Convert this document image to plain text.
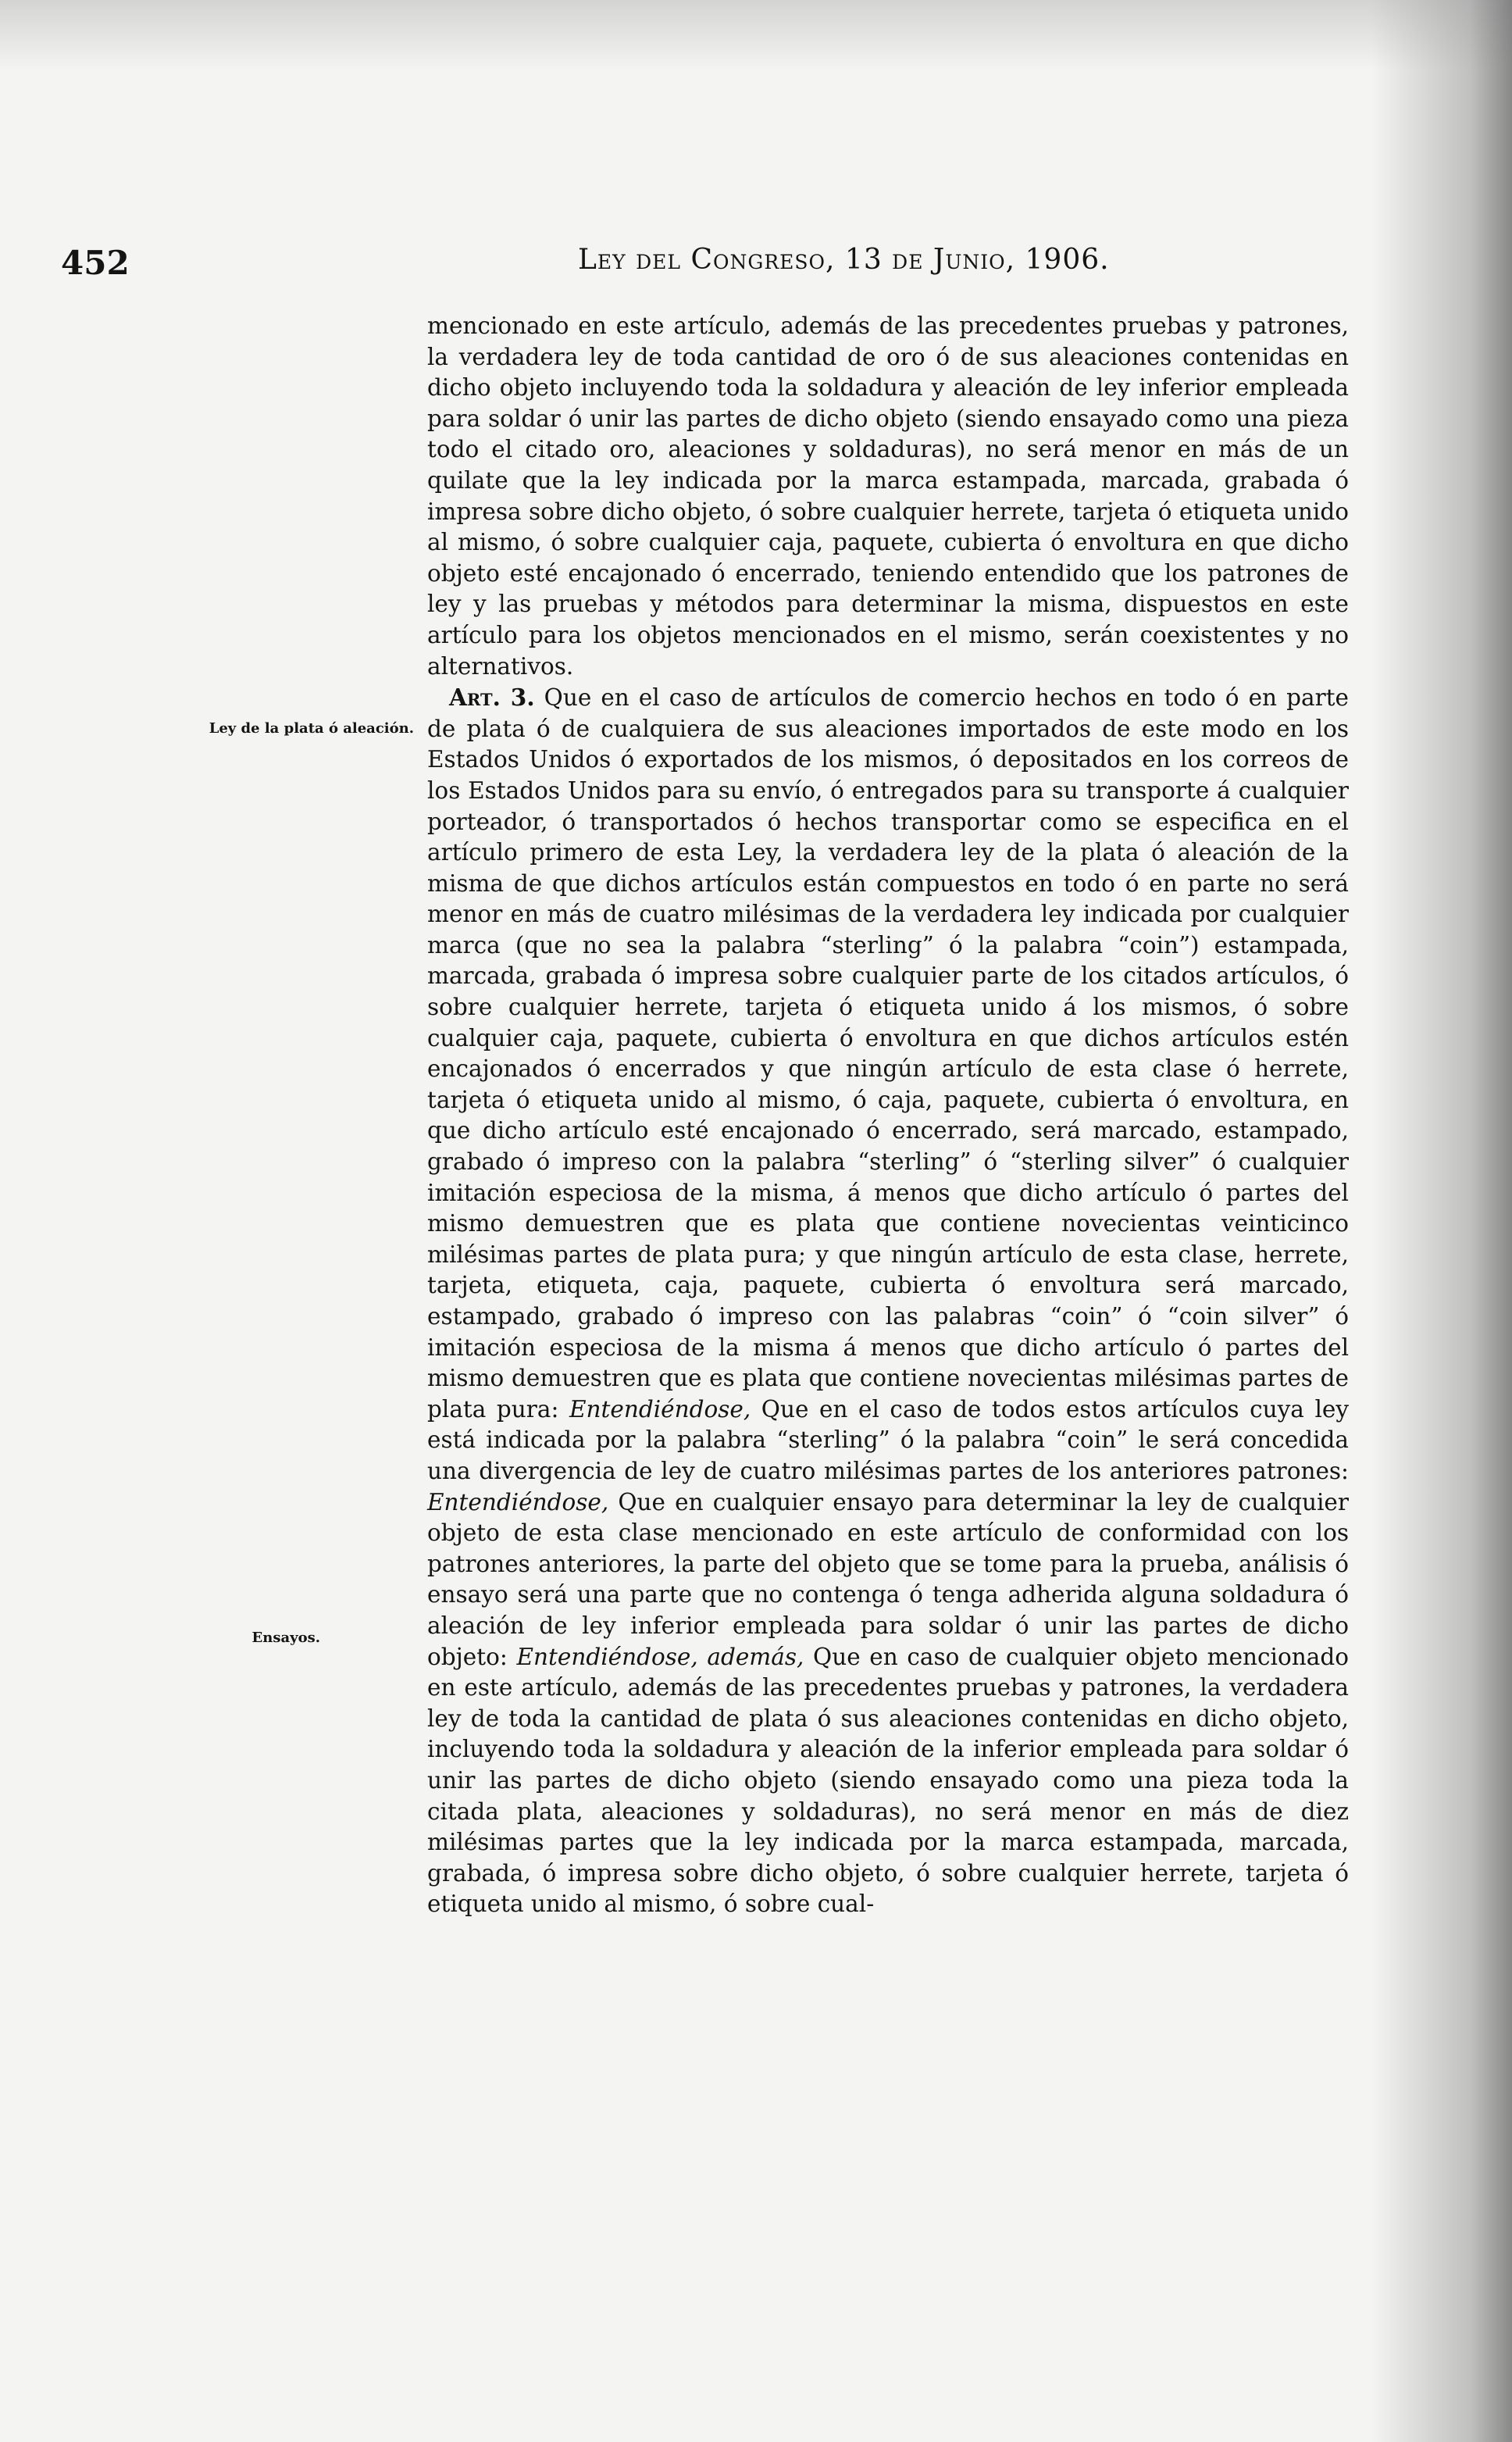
452	Ley del Congreso, 13 de Junio, 1906.
Ley de la plata ó aleación.
Ensayos.

mencionado en este artículo, además de las precedentes pruebas y patrones, la verdadera ley de toda cantidad de oro ó de sus aleaciones contenidas en dicho objeto incluyendo toda la soldadura y aleación de ley inferior empleada para soldar ó unir las partes de dicho objeto (siendo ensayado como una pieza todo el citado oro, aleaciones y soldaduras), no será menor en más de un quilate que la ley indicada por la marca estampada, marcada, grabada ó impresa sobre dicho objeto, ó sobre cualquier herrete, tarjeta ó etiqueta unido al mismo, ó sobre cualquier caja, paquete, cubierta ó envoltura en que dicho objeto esté encajonado ó encerrado, teniendo entendido que los patrones de ley y las pruebas y métodos para determinar la misma, dispuestos en este artículo para los objetos mencionados en el mismo, serán coexistentes y no alternativos.

Art. 3. Que en el caso de artículos de comercio hechos en todo ó en parte de plata ó de cualquiera de sus aleaciones importados de este modo en los Estados Unidos ó exportados de los mismos, ó depositados en los correos de los Estados Unidos para su envío, ó entregados para su transporte á cualquier porteador, ó transportados ó hechos transportar como se especifica en el artículo primero de esta Ley, la verdadera ley de la plata ó aleación de la misma de que dichos artículos están compuestos en todo ó en parte no será menor en más de cuatro milésimas de la verdadera ley indicada por cualquier marca (que no sea la palabra “sterling” ó la palabra “coin”) estampada, marcada, grabada ó impresa sobre cualquier parte de los citados artículos, ó sobre cualquier herrete, tarjeta ó etiqueta unido á los mismos, ó sobre cualquier caja, paquete, cubierta ó envoltura en que dichos artículos estén encajonados ó encerrados y que ningún artículo de esta clase ó herrete, tarjeta ó etiqueta unido al mismo, ó caja, paquete, cubierta ó envoltura, en que dicho artículo esté encajonado ó encerrado, será marcado, estampado, grabado ó impreso con la palabra “sterling” ó “sterling silver” ó cualquier imitación especiosa de la misma, á menos que dicho artículo ó partes del mismo demuestren que es plata que contiene novecientas veinticinco milésimas partes de plata pura; y que ningún artículo de esta clase, herrete, tarjeta, etiqueta, caja, paquete, cubierta ó envoltura será marcado, estampado, grabado ó impreso con las palabras “coin” ó “coin silver” ó imitación especiosa de la misma á menos que dicho artículo ó partes del mismo demuestren que es plata que contiene novecientas milésimas partes de plata pura: Entendiéndose, Que en el caso de todos estos artículos cuya ley está indicada por la palabra “sterling” ó la palabra “coin” le será concedida una divergencia de ley de cuatro milésimas partes de los anteriores patrones: Entendiéndose, Que en cualquier ensayo para determinar la ley de cualquier objeto de esta clase mencionado en este artículo de conformidad con los patrones anteriores, la parte del objeto que se tome para la prueba, análisis ó ensayo será una parte que no contenga ó tenga adherida alguna soldadura ó aleación de ley inferior empleada para soldar ó unir las partes de dicho objeto: Entendiéndose, además, Que en caso de cualquier objeto mencionado en este artículo, además de las precedentes pruebas y patrones, la verdadera ley de toda la cantidad de plata ó sus aleaciones contenidas en dicho objeto, incluyendo toda la soldadura y aleación de la inferior empleada para soldar ó unir las partes de dicho objeto (siendo ensayado como una pieza toda la citada plata, aleaciones y soldaduras), no será menor en más de diez milésimas partes que la ley indicada por la marca estampada, marcada, grabada, ó impresa sobre dicho objeto, ó sobre cualquier herrete, tarjeta ó etiqueta unido al mismo, ó sobre cual-
